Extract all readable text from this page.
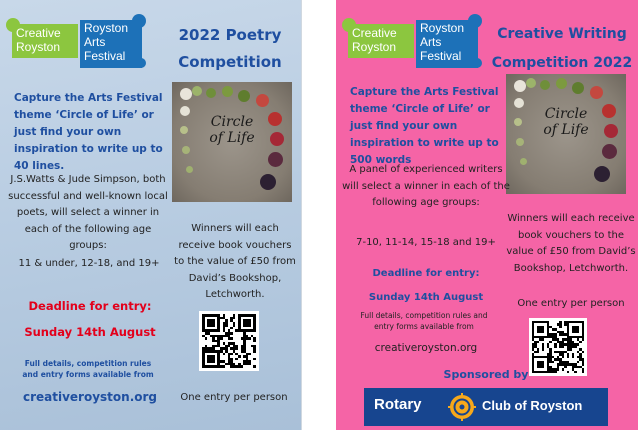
Creative Royston
Royston Arts Festival
2022 Poetry Competition
Capture the Arts Festival theme ‘Circle of Life’ or just find your own inspiration to write up to 40 lines.
Circle of Life
J.S.Watts & Jude Simpson, both successful and well-known local poets, will select a winner in each of the following age groups:
11 & under, 12-18, and 19+
Winners will each receive book vouchers to the value of £50 from David’s Bookshop, Letchworth.
Deadline for entry:
Sunday 14th August
Full details, competition rules and entry forms available from
creativeroyston.org	One entry per person
Creative Royston
Royston Arts Festival
Creative Writing Competition 2022
Capture the Arts Festival theme ‘Circle of Life’ or just find your own inspiration to write up to 500 words
Circle of Life
A panel of experienced writers will select a winner in each of the following age groups:
7-10, 11-14, 15-18 and 19+
Winners will each receive book vouchers to the value of £50 from David’s Bookshop, Letchworth.
One entry per person
Deadline for entry:
Sunday 14th August
Full details, competition rules and entry forms available from
creativeroyston.org
Sponsored by
Rotary	Club of Royston
